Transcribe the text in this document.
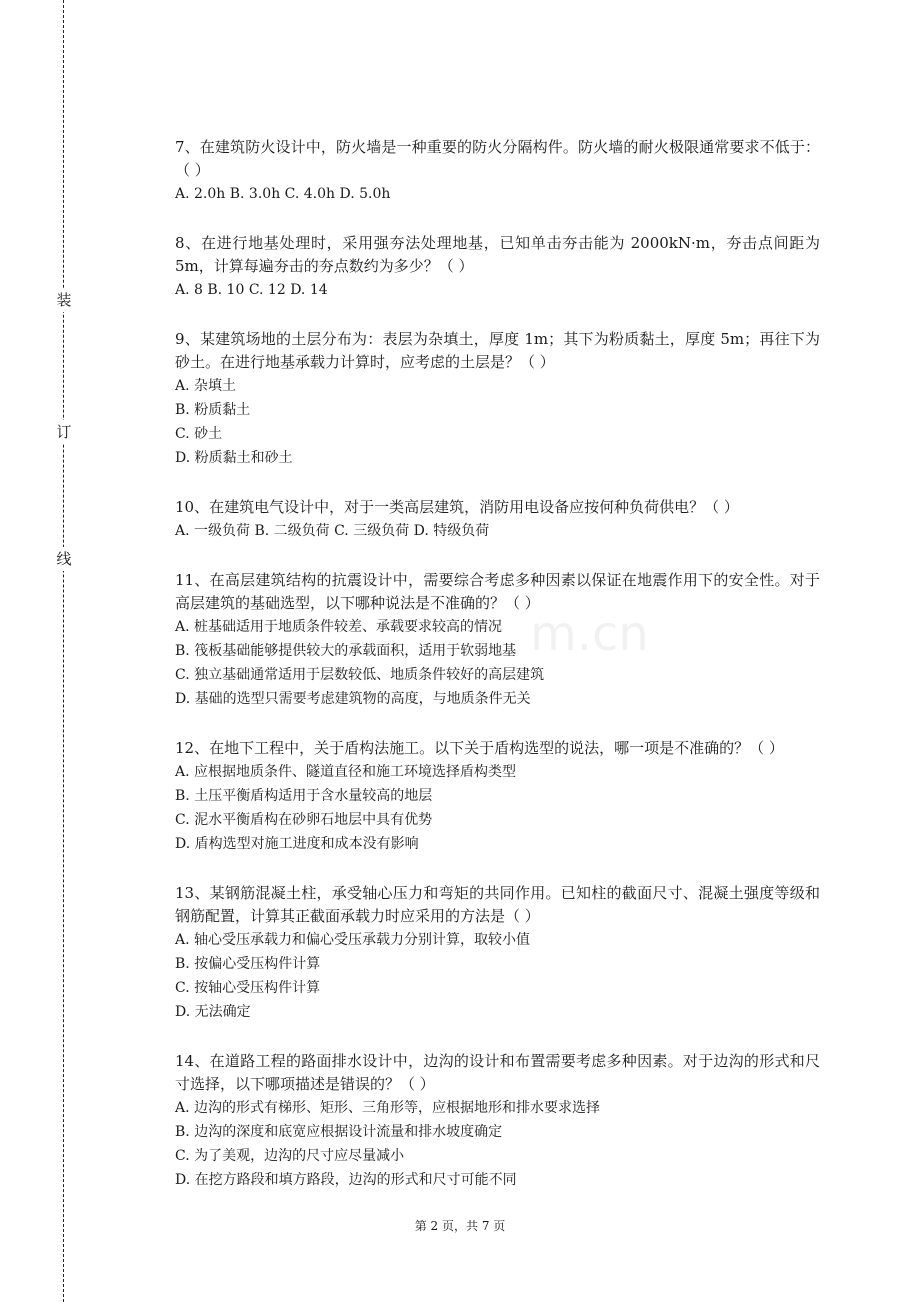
装
订
线
m.cn

7、在建筑防火设计中，防火墙是一种重要的防火分隔构件。防火墙的耐火极限通常要求不低于：（ ）

A. 2.0h B. 3.0h C. 4.0h D. 5.0h

8、在进行地基处理时，采用强夯法处理地基，已知单击夯击能为 2000kN·m，夯击点间距为 5m，计算每遍夯击的夯点数约为多少？（ ）

A. 8 B. 10 C. 12 D. 14

9、某建筑场地的土层分布为：表层为杂填土，厚度 1m；其下为粉质黏土，厚度 5m；再往下为砂土。在进行地基承载力计算时，应考虑的土层是？（ ）

A. 杂填土

B. 粉质黏土

C. 砂土

D. 粉质黏土和砂土

10、在建筑电气设计中，对于一类高层建筑，消防用电设备应按何种负荷供电？（ ）

A. 一级负荷 B. 二级负荷 C. 三级负荷 D. 特级负荷

11、在高层建筑结构的抗震设计中，需要综合考虑多种因素以保证在地震作用下的安全性。对于高层建筑的基础选型，以下哪种说法是不准确的？（ ）

A. 桩基础适用于地质条件较差、承载要求较高的情况

B. 筏板基础能够提供较大的承载面积，适用于软弱地基

C. 独立基础通常适用于层数较低、地质条件较好的高层建筑

D. 基础的选型只需要考虑建筑物的高度，与地质条件无关

12、在地下工程中，关于盾构法施工。以下关于盾构选型的说法，哪一项是不准确的？（ ）

A. 应根据地质条件、隧道直径和施工环境选择盾构类型

B. 土压平衡盾构适用于含水量较高的地层

C. 泥水平衡盾构在砂卵石地层中具有优势

D. 盾构选型对施工进度和成本没有影响

13、某钢筋混凝土柱，承受轴心压力和弯矩的共同作用。已知柱的截面尺寸、混凝土强度等级和钢筋配置，计算其正截面承载力时应采用的方法是（ ）

A. 轴心受压承载力和偏心受压承载力分别计算，取较小值

B. 按偏心受压构件计算

C. 按轴心受压构件计算

D. 无法确定

14、在道路工程的路面排水设计中，边沟的设计和布置需要考虑多种因素。对于边沟的形式和尺寸选择，以下哪项描述是错误的？（ ）

A. 边沟的形式有梯形、矩形、三角形等，应根据地形和排水要求选择

B. 边沟的深度和底宽应根据设计流量和排水坡度确定

C. 为了美观，边沟的尺寸应尽量减小

D. 在挖方路段和填方路段，边沟的形式和尺寸可能不同

第 2 页，共 7 页
